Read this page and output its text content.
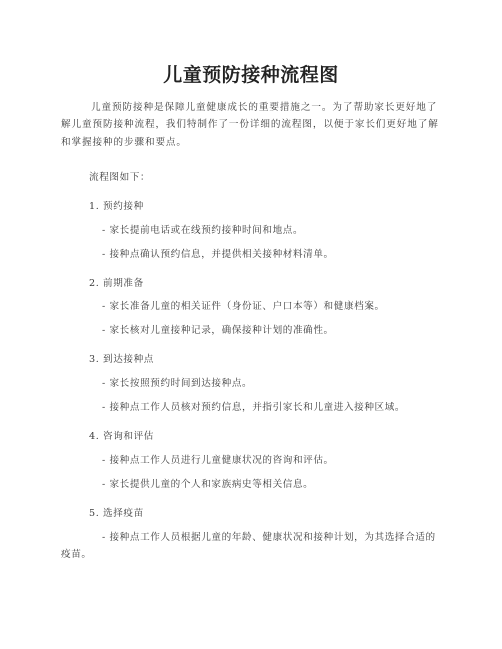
儿童预防接种流程图
儿童预防接种是保障儿童健康成长的重要措施之一。为了帮助家长更好地了解儿童预防接种流程，我们特制作了一份详细的流程图，以便于家长们更好地了解和掌握接种的步骤和要点。
流程图如下：
1. 预约接种
- 家长提前电话或在线预约接种时间和地点。
- 接种点确认预约信息，并提供相关接种材料清单。
2. 前期准备
- 家长准备儿童的相关证件（身份证、户口本等）和健康档案。
- 家长核对儿童接种记录，确保接种计划的准确性。
3. 到达接种点
- 家长按照预约时间到达接种点。
- 接种点工作人员核对预约信息，并指引家长和儿童进入接种区域。
4. 咨询和评估
- 接种点工作人员进行儿童健康状况的咨询和评估。
- 家长提供儿童的个人和家族病史等相关信息。
5. 选择疫苗
- 接种点工作人员根据儿童的年龄、健康状况和接种计划，为其选择合适的
疫苗。
